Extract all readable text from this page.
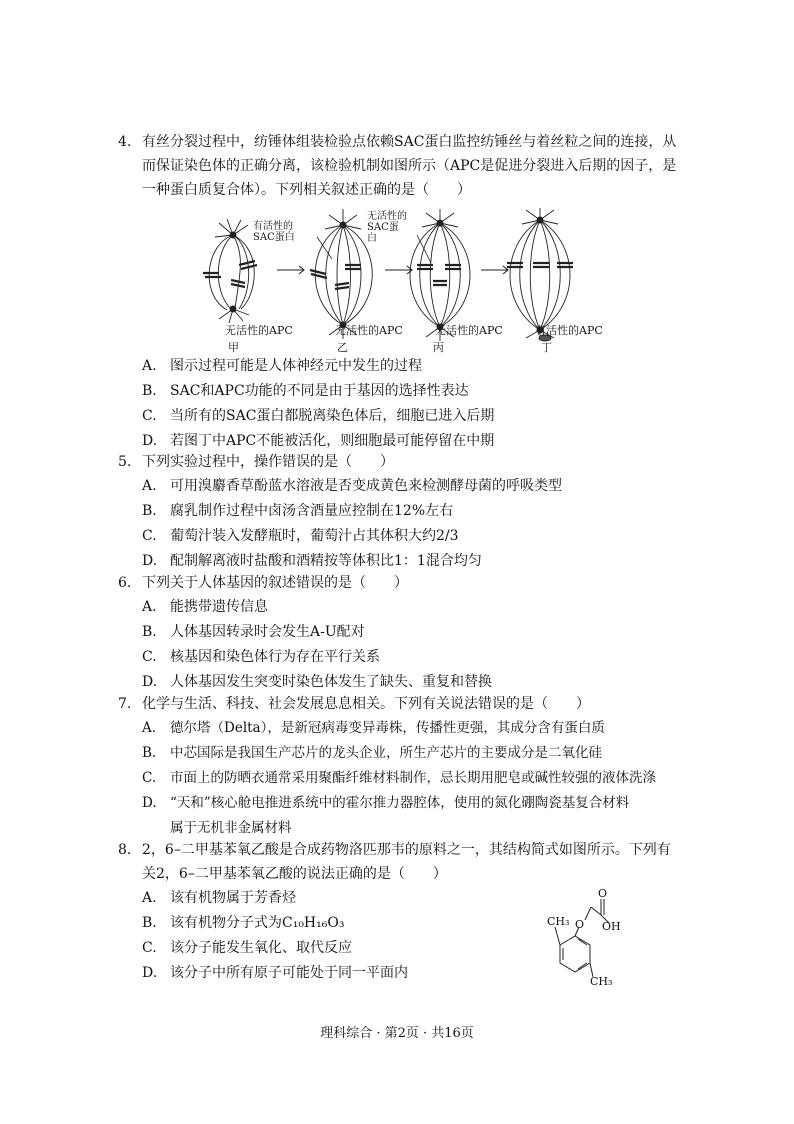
4. 有丝分裂过程中，纺锤体组装检验点依赖SAC蛋白监控纺锤丝与着丝粒之间的连接，从而保证染色体的正确分离，该检验机制如图所示（APC是促进分裂进入后期的因子，是一种蛋白质复合体）。下列相关叙述正确的是（　　）
有活性的SAC蛋白
无活性的SAC蛋白
无活性的APC	无活性的APC	无活性的APC	有活性的APC
甲	乙	丙	丁
A. 图示过程可能是人体神经元中发生的过程
B. SAC和APC功能的不同是由于基因的选择性表达
C. 当所有的SAC蛋白都脱离染色体后，细胞已进入后期
D. 若图丁中APC不能被活化，则细胞最可能停留在中期
5. 下列实验过程中，操作错误的是（　　）
A. 可用溴麝香草酚蓝水溶液是否变成黄色来检测酵母菌的呼吸类型
B. 腐乳制作过程中卤汤含酒量应控制在12%左右
C. 葡萄汁装入发酵瓶时，葡萄汁占其体积大约2/3
D. 配制解离液时盐酸和酒精按等体积比1：1混合均匀
6. 下列关于人体基因的叙述错误的是（　　）
A. 能携带遗传信息
B. 人体基因转录时会发生A-U配对
C. 核基因和染色体行为存在平行关系
D. 人体基因发生突变时染色体发生了缺失、重复和替换
7. 化学与生活、科技、社会发展息息相关。下列有关说法错误的是（　　）
A.	德尔塔（Delta），是新冠病毒变异毒株，传播性更强，其成分含有蛋白质
B.	中芯国际是我国生产芯片的龙头企业，所生产芯片的主要成分是二氧化硅
C.	市面上的防晒衣通常采用聚酯纤维材料制作，忌长期用肥皂或碱性较强的液体洗涤
D. “天和”核心舱电推进系统中的霍尔推力器腔体，使用的氮化硼陶瓷基复合材料
属于无机非金属材料
8. 2，6–二甲基苯氧乙酸是合成药物洛匹那韦的原料之一，其结构简式如图所示。下列有关2，6–二甲基苯氧乙酸的说法正确的是（　　）
A. 该有机物属于芳香烃
B. 该有机物分子式为C₁₀H₁₆O₃
C. 该分子能发生氧化、取代反应
D. 该分子中所有原子可能处于同一平面内
O
OH
O
CH₃
CH₃
理科综合 · 第2页 · 共16页
